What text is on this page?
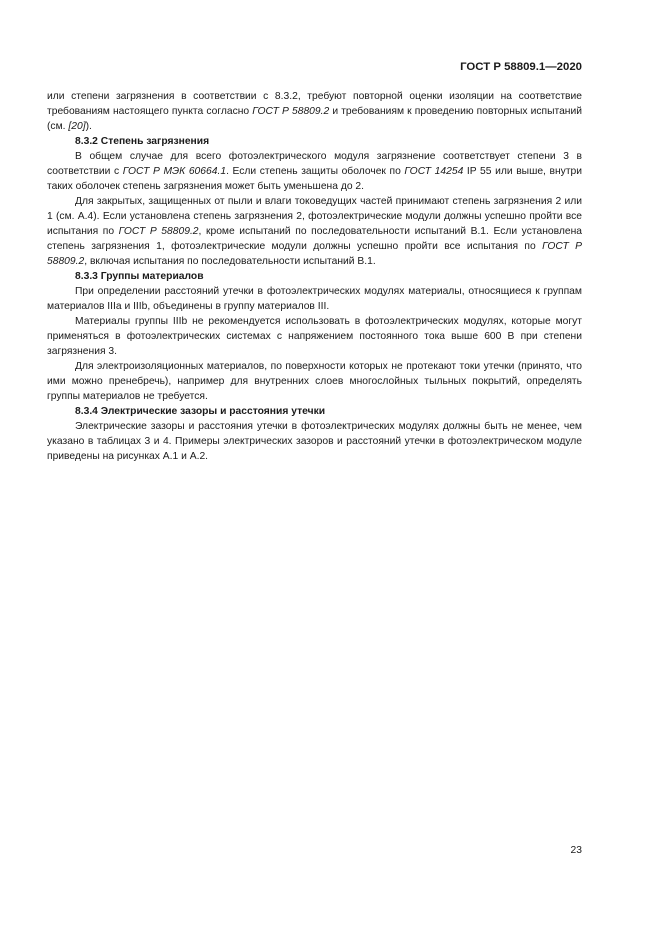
ГОСТ Р 58809.1—2020

или степени загрязнения в соответствии с 8.3.2, требуют повторной оценки изоляции на соответствие требованиям настоящего пункта согласно ГОСТ Р 58809.2 и требованиям к проведению повторных испытаний (см. [20]).

8.3.2 Степень загрязнения

В общем случае для всего фотоэлектрического модуля загрязнение соответствует степени 3 в соответствии с ГОСТ Р МЭК 60664.1. Если степень защиты оболочек по ГОСТ 14254 IP 55 или выше, внутри таких оболочек степень загрязнения может быть уменьшена до 2.

Для закрытых, защищенных от пыли и влаги токоведущих частей принимают степень загрязнения 2 или 1 (см. А.4). Если установлена степень загрязнения 2, фотоэлектрические модули должны успешно пройти все испытания по ГОСТ Р 58809.2, кроме испытаний по последовательности испытаний В.1. Если установлена степень загрязнения 1, фотоэлектрические модули должны успешно пройти все испытания по ГОСТ Р 58809.2, включая испытания по последовательности испытаний В.1.

8.3.3 Группы материалов

При определении расстояний утечки в фотоэлектрических модулях материалы, относящиеся к группам материалов IIIa и IIIb, объединены в группу материалов III.

Материалы группы IIIb не рекомендуется использовать в фотоэлектрических модулях, которые могут применяться в фотоэлектрических системах с напряжением постоянного тока выше 600 В при степени загрязнения 3.

Для электроизоляционных материалов, по поверхности которых не протекают токи утечки (принято, что ими можно пренебречь), например для внутренних слоев многослойных тыльных покрытий, определять группы материалов не требуется.

8.3.4 Электрические зазоры и расстояния утечки

Электрические зазоры и расстояния утечки в фотоэлектрических модулях должны быть не менее, чем указано в таблицах 3 и 4. Примеры электрических зазоров и расстояний утечки в фотоэлектрическом модуле приведены на рисунках А.1 и А.2.

23
